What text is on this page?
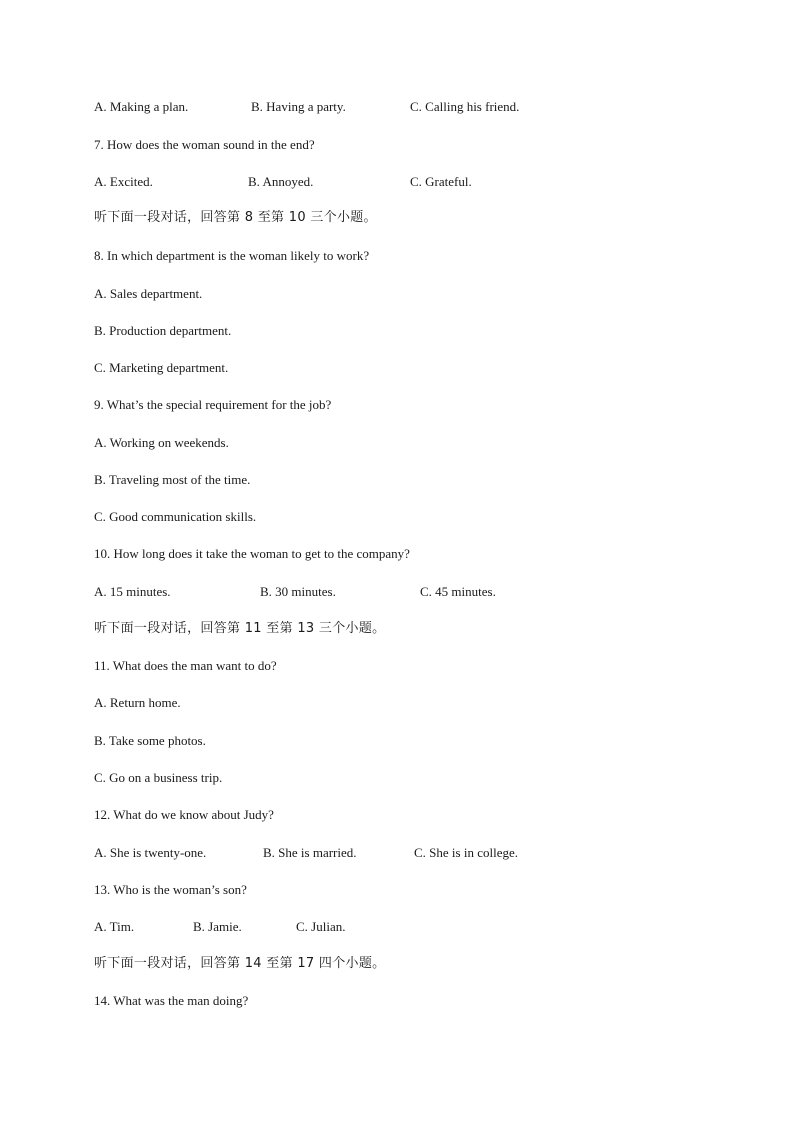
A. Making a plan.	B. Having a party.	C. Calling his friend.
7. How does the woman sound in the end?
A. Excited.	B. Annoyed.	C. Grateful.
听下面一段对话，回答第 8 至第 10 三个小题。
8. In which department is the woman likely to work?
A. Sales department.
B. Production department.
C. Marketing department.
9. What’s the special requirement for the job?
A. Working on weekends.
B. Traveling most of the time.
C. Good communication skills.
10. How long does it take the woman to get to the company?
A. 15 minutes.	B. 30 minutes.	C. 45 minutes.
听下面一段对话，回答第 11 至第 13 三个小题。
11. What does the man want to do?
A. Return home.
B. Take some photos.
C. Go on a business trip.
12. What do we know about Judy?
A. She is twenty-one.	B. She is married.	C. She is in college.
13. Who is the woman’s son?
A. Tim.	B. Jamie.	C. Julian.
听下面一段对话，回答第 14 至第 17 四个小题。
14. What was the man doing?
